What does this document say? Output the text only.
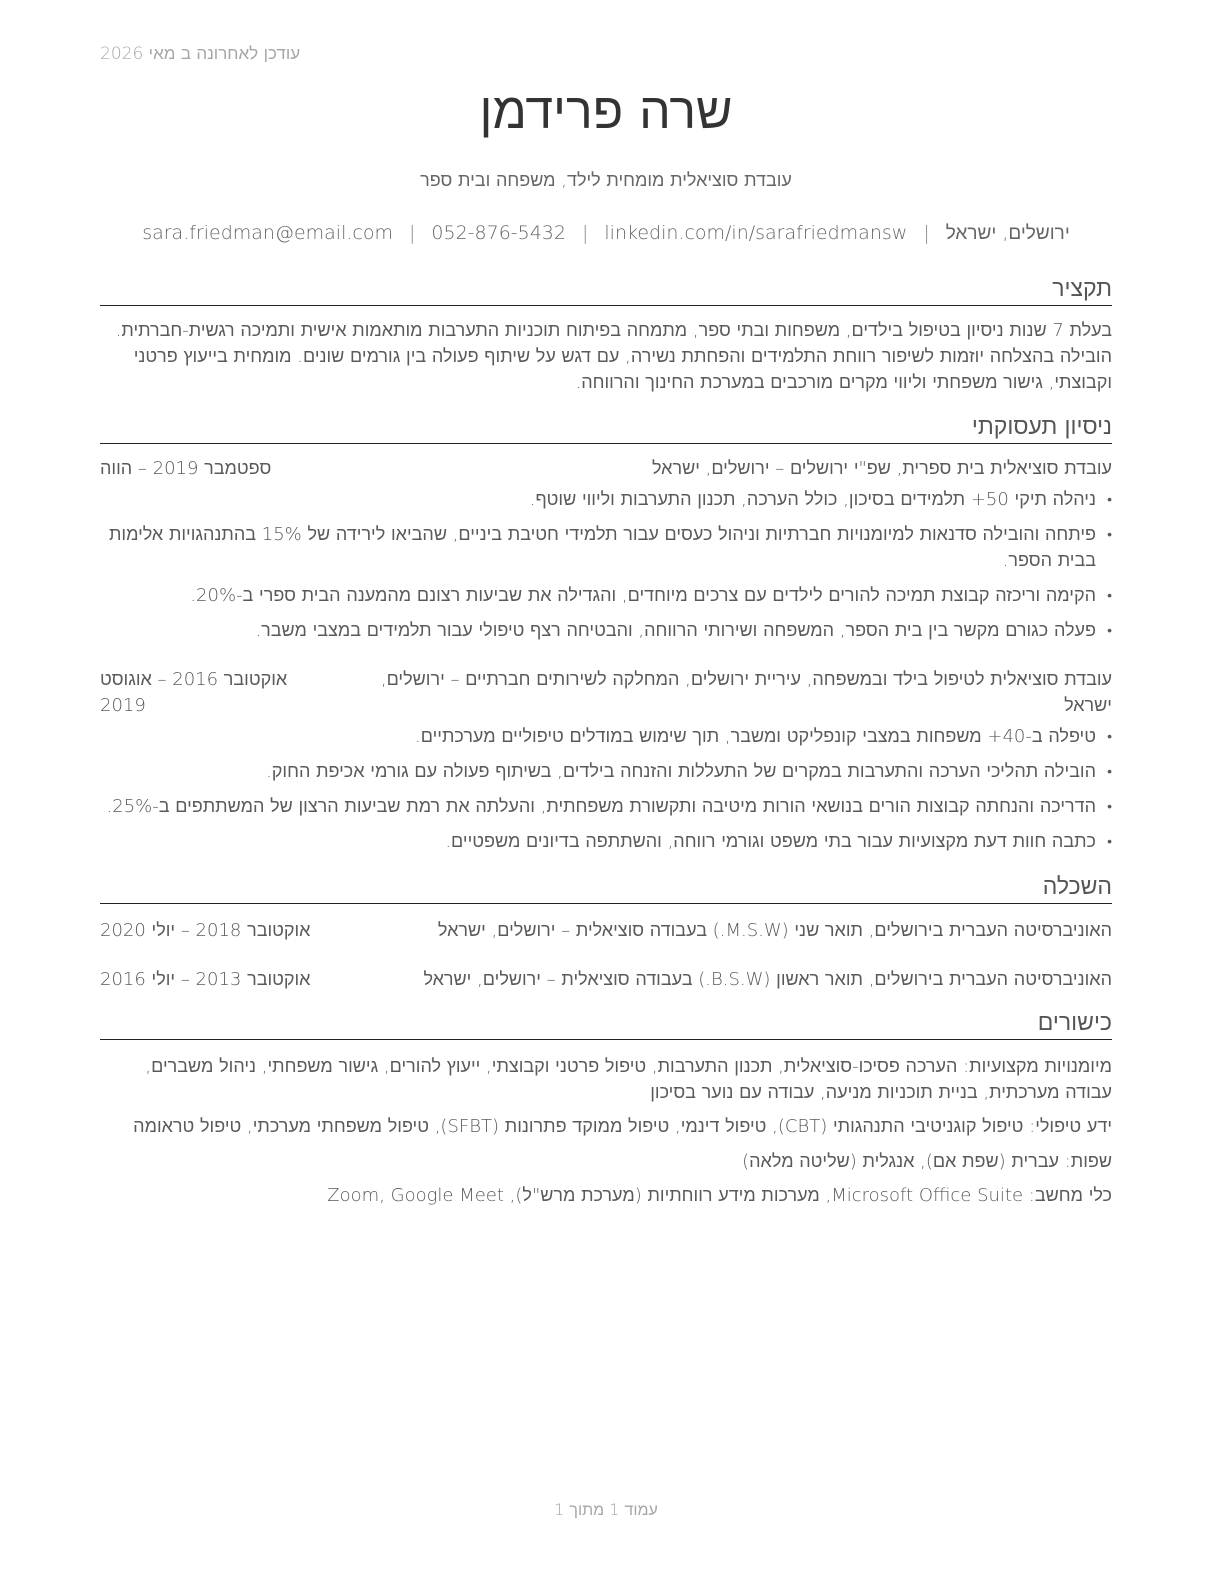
עודכן לאחרונה ב מאי 2026
שרה פרידמן
עובדת סוציאלית מומחית לילד, משפחה ובית ספר
ירושלים, ישראל|sara.friedman@email.com | 052-876-5432 | linkedin.com/in/sarafriedmansw
תקציר
בעלת 7 שנות ניסיון בטיפול בילדים, משפחות ובתי ספר, מתמחה בפיתוח תוכניות התערבות מותאמות אישית ותמיכה רגשית-חברתית. הובילה בהצלחה יוזמות לשיפור רווחת התלמידים והפחתת נשירה, עם דגש על שיתוף פעולה בין גורמים שונים. מומחית בייעוץ פרטני וקבוצתי, גישור משפחתי וליווי מקרים מורכבים במערכת החינוך והרווחה.
ניסיון תעסוקתי
עובדת סוציאלית בית ספרית, שפ"י ירושלים – ירושלים, ישראל
ספטמבר 2019 – הווה
• ניהלה תיקי 50+ תלמידים בסיכון, כולל הערכה, תכנון התערבות וליווי שוטף.
• פיתחה והובילה סדנאות למיומנויות חברתיות וניהול כעסים עבור תלמידי חטיבת ביניים, שהביאו לירידה של 15% בהתנהגויות אלימות בבית הספר.
• הקימה וריכזה קבוצת תמיכה להורים לילדים עם צרכים מיוחדים, והגדילה את שביעות רצונם מהמענה הבית ספרי ב-20%.
• פעלה כגורם מקשר בין בית הספר, המשפחה ושירותי הרווחה, והבטיחה רצף טיפולי עבור תלמידים במצבי משבר.
עובדת סוציאלית לטיפול בילד ובמשפחה, עיריית ירושלים, המחלקה לשירותים חברתיים – ירושלים, ישראל
אוקטובר 2016 – אוגוסט 2019
• טיפלה ב-40+ משפחות במצבי קונפליקט ומשבר, תוך שימוש במודלים טיפוליים מערכתיים.
• הובילה תהליכי הערכה והתערבות במקרים של התעללות והזנחה בילדים, בשיתוף פעולה עם גורמי אכיפת החוק.
• הדריכה והנחתה קבוצות הורים בנושאי הורות מיטיבה ותקשורת משפחתית, והעלתה את רמת שביעות הרצון של המשתתפים ב-25%.
• כתבה חוות דעת מקצועיות עבור בתי משפט וגורמי רווחה, והשתתפה בדיונים משפטיים.
השכלה
האוניברסיטה העברית בירושלים, תואר שני (M.S.W.) בעבודה סוציאלית – ירושלים, ישראל
אוקטובר 2018 – יולי 2020
האוניברסיטה העברית בירושלים, תואר ראשון (B.S.W.) בעבודה סוציאלית – ירושלים, ישראל
אוקטובר 2013 – יולי 2016
כישורים
מיומנויות מקצועיות: הערכה פסיכו-סוציאלית, תכנון התערבות, טיפול פרטני וקבוצתי, ייעוץ להורים, גישור משפחתי, ניהול משברים, עבודה מערכתית, בניית תוכניות מניעה, עבודה עם נוער בסיכון
ידע טיפולי: טיפול קוגניטיבי התנהגותי (CBT), טיפול דינמי, טיפול ממוקד פתרונות (SFBT), טיפול משפחתי מערכתי, טיפול טראומה
שפות: עברית (שפת אם), אנגלית (שליטה מלאה)
כלי מחשב: Microsoft Office Suite, מערכות מידע רווחתיות (מערכת מרש"ל), Zoom, Google Meet
עמוד 1 מתוך 1
